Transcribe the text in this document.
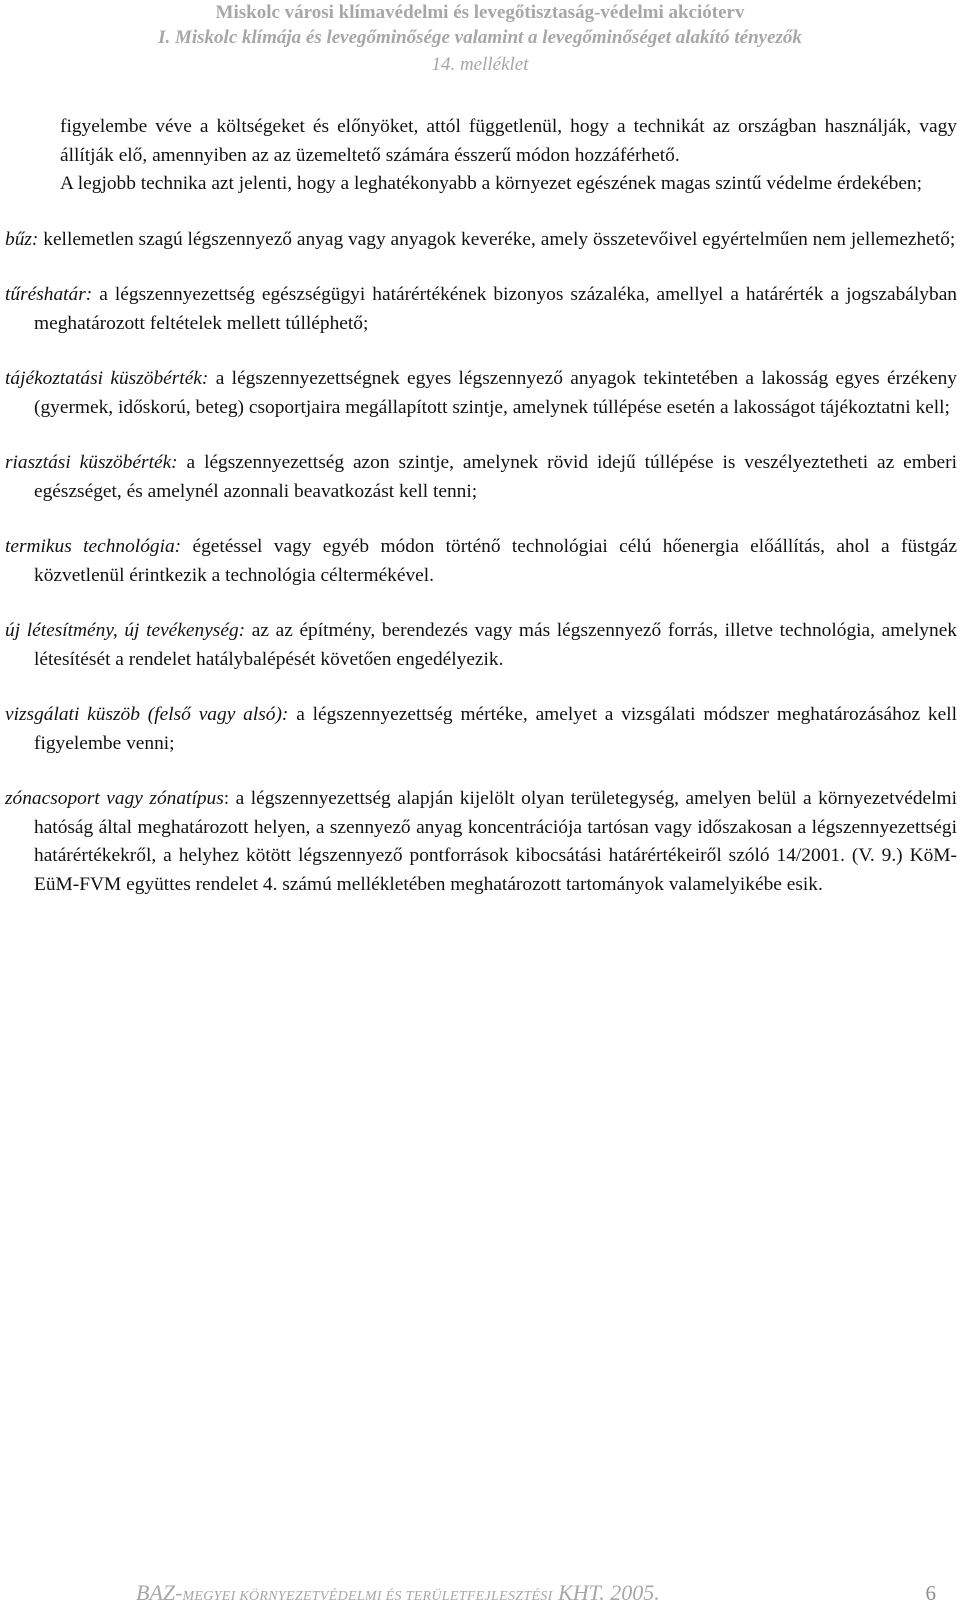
Miskolc városi klímavédelmi és levegőtisztaság-védelmi akcióterv
I. Miskolc klímája és levegőminősége valamint a levegőminőséget alakító tényezők
14. melléklet

figyelembe véve a költségeket és előnyöket, attól függetlenül, hogy a technikát az országban használják, vagy állítják elő, amennyiben az az üzemeltető számára ésszerű módon hozzáférhető.

A legjobb technika azt jelenti, hogy a leghatékonyabb a környezet egészének magas szintű védelme érdekében;

bűz: kellemetlen szagú légszennyező anyag vagy anyagok keveréke, amely összetevőivel egyértelműen nem jellemezhető;

tűréshatár: a légszennyezettség egészségügyi határértékének bizonyos százaléka, amellyel a határérték a jogszabályban meghatározott feltételek mellett túlléphető;

tájékoztatási küszöbérték: a légszennyezettségnek egyes légszennyező anyagok tekintetében a lakosság egyes érzékeny (gyermek, időskorú, beteg) csoportjaira megállapított szintje, amelynek túllépése esetén a lakosságot tájékoztatni kell;

riasztási küszöbérték: a légszennyezettség azon szintje, amelynek rövid idejű túllépése is veszélyeztetheti az emberi egészséget, és amelynél azonnali beavatkozást kell tenni;

termikus technológia: égetéssel vagy egyéb módon történő technológiai célú hőenergia előállítás, ahol a füstgáz közvetlenül érintkezik a technológia céltermékével.

új létesítmény, új tevékenység: az az építmény, berendezés vagy más légszennyező forrás, illetve technológia, amelynek létesítését a rendelet hatálybalépését követően engedélyezik.

vizsgálati küszöb (felső vagy alsó): a légszennyezettség mértéke, amelyet a vizsgálati módszer meghatározásához kell figyelembe venni;

zónacsoport vagy zónatípus: a légszennyezettség alapján kijelölt olyan területegység, amelyen belül a környezetvédelmi hatóság által meghatározott helyen, a szennyező anyag koncentrációja tartósan vagy időszakosan a légszennyezettségi határértékekről, a helyhez kötött légszennyező pontforrások kibocsátási határértékeiről szóló 14/2001. (V. 9.) KöM-EüM-FVM együttes rendelet 4. számú mellékletében meghatározott tartományok valamelyikébe esik.

BAZ-MEGYEI KÖRNYEZETVÉDELMI ÉS TERÜLETFEJLESZTÉSI KHT. 2005.	6
